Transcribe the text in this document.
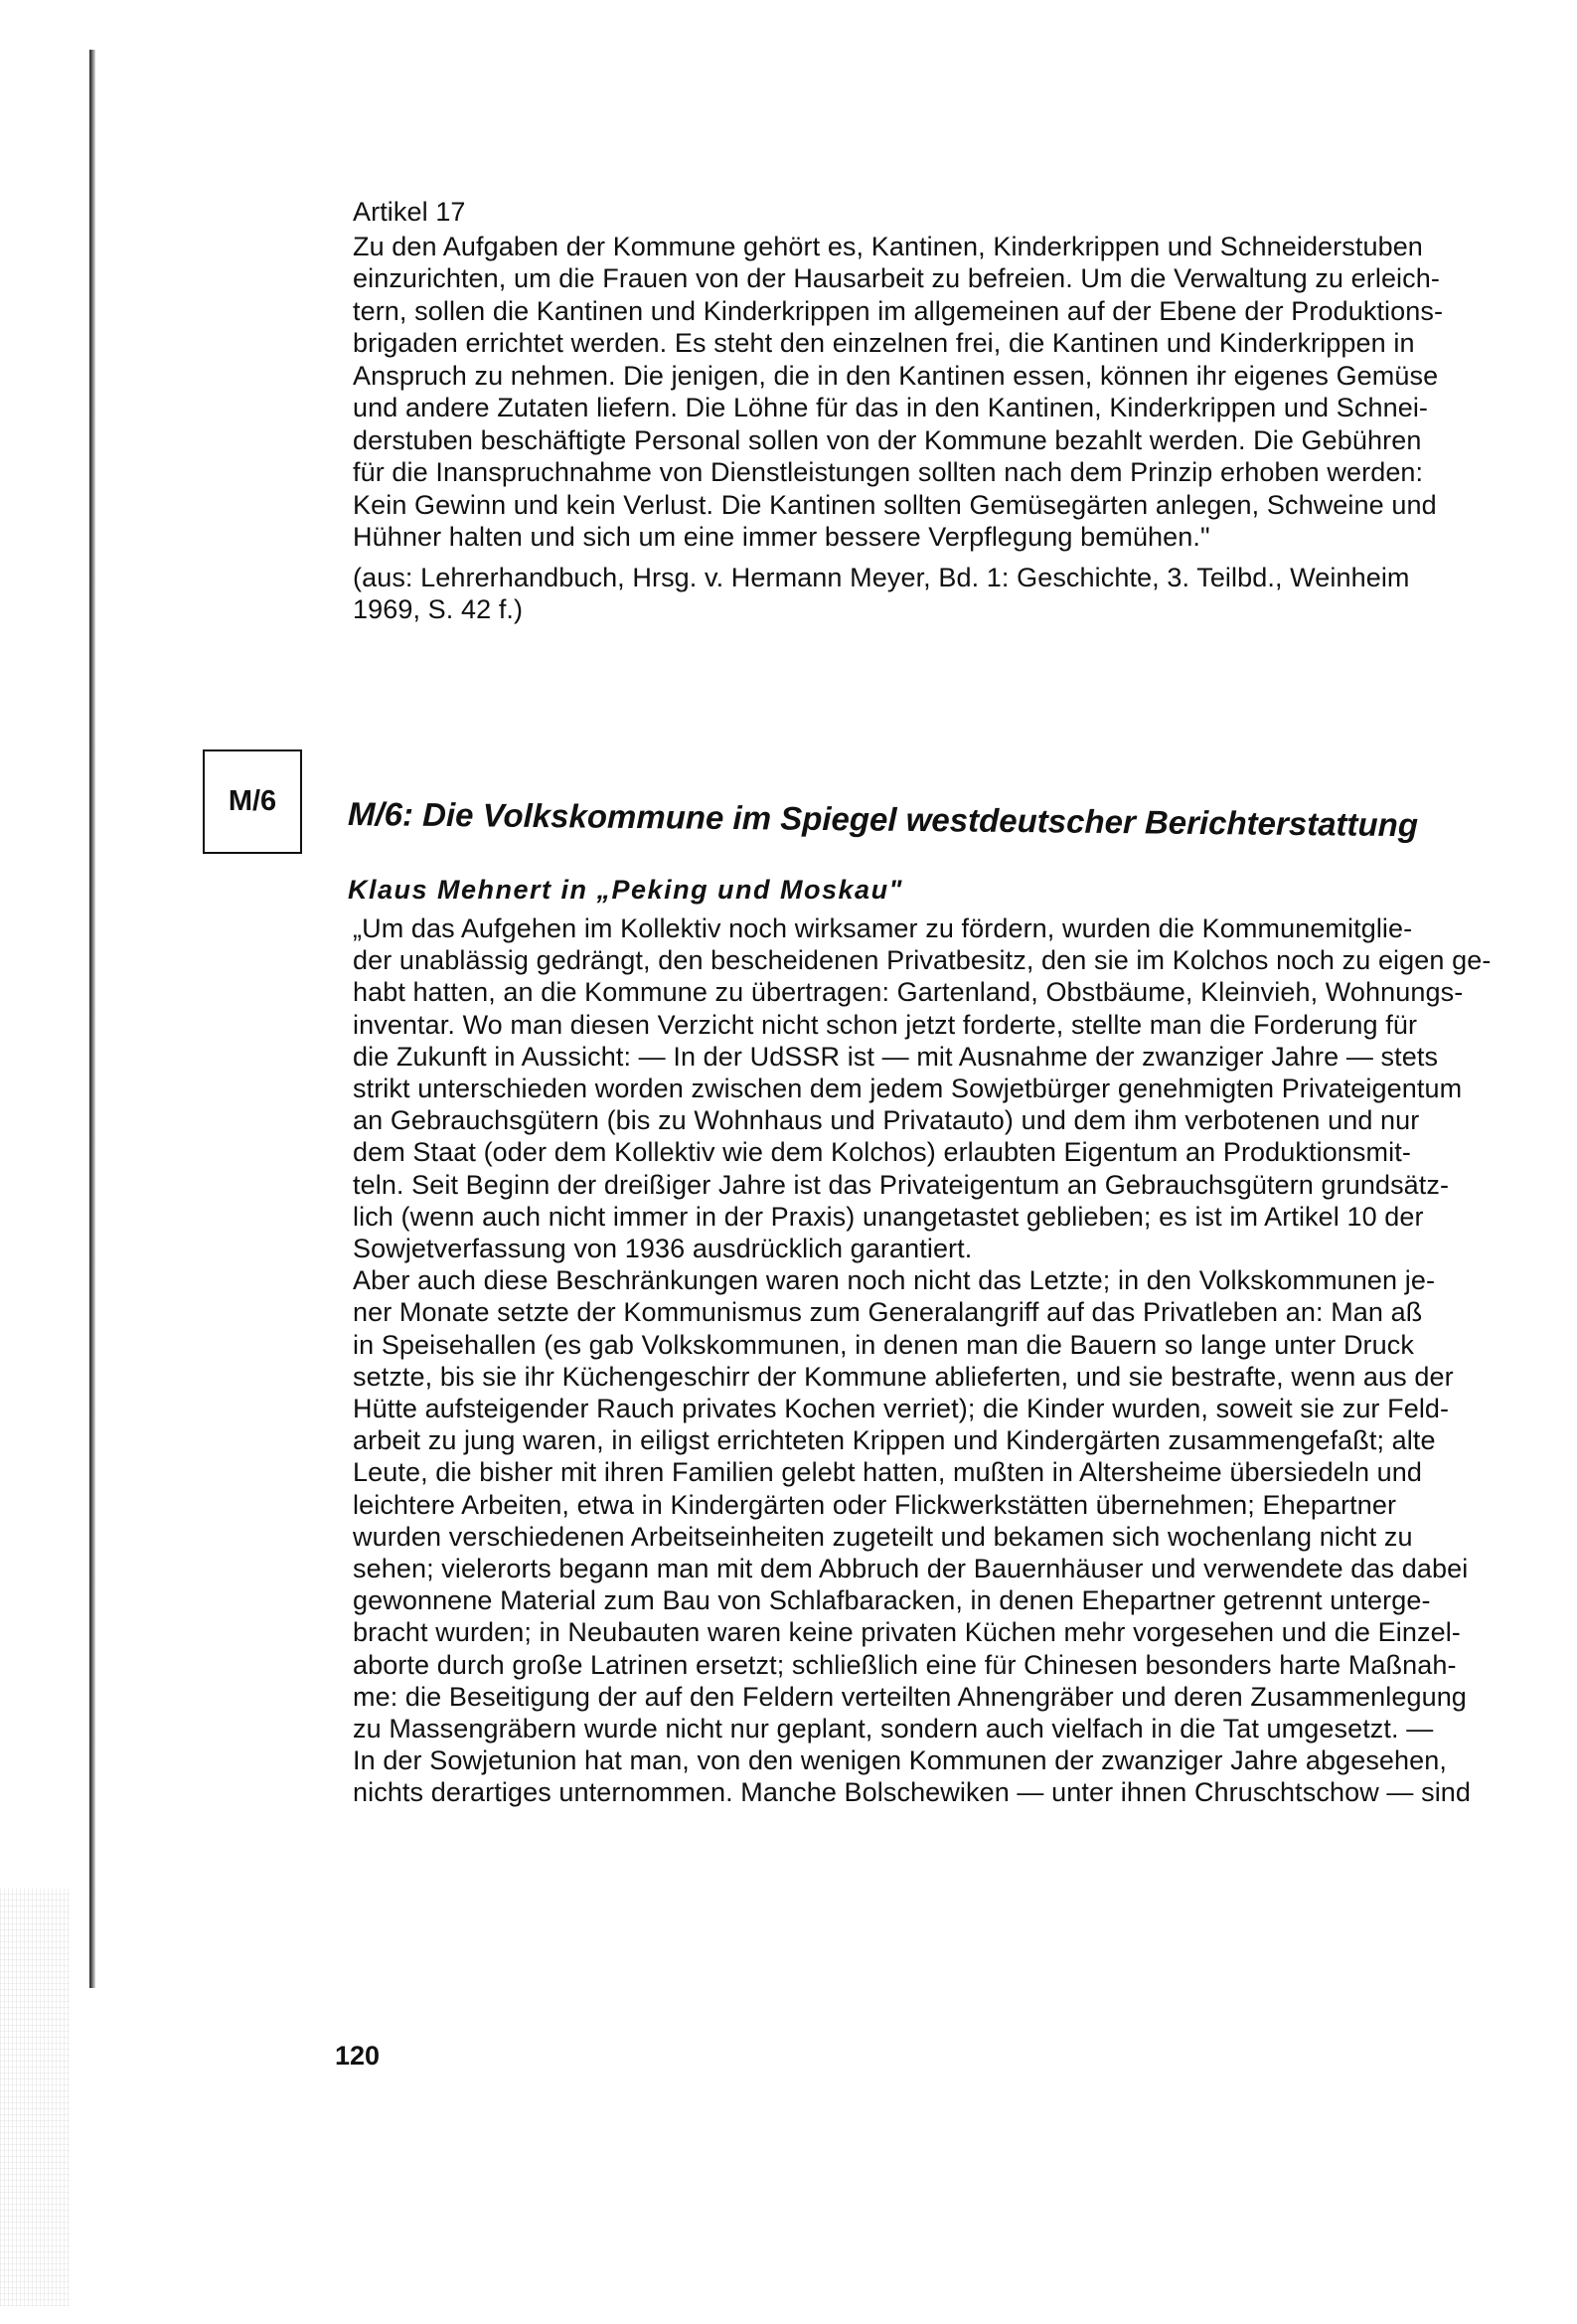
Artikel 17
Zu den Aufgaben der Kommune gehört es, Kantinen, Kinderkrippen und Schneiderstuben
einzurichten, um die Frauen von der Hausarbeit zu befreien. Um die Verwaltung zu erleich-
tern, sollen die Kantinen und Kinderkrippen im allgemeinen auf der Ebene der Produktions-
brigaden errichtet werden. Es steht den einzelnen frei, die Kantinen und Kinderkrippen in
Anspruch zu nehmen. Die jenigen, die in den Kantinen essen, können ihr eigenes Gemüse
und andere Zutaten liefern. Die Löhne für das in den Kantinen, Kinderkrippen und Schnei-
derstuben beschäftigte Personal sollen von der Kommune bezahlt werden. Die Gebühren
für die Inanspruchnahme von Dienstleistungen sollten nach dem Prinzip erhoben werden:
Kein Gewinn und kein Verlust. Die Kantinen sollten Gemüsegärten anlegen, Schweine und
Hühner halten und sich um eine immer bessere Verpflegung bemühen."
(aus: Lehrerhandbuch, Hrsg. v. Hermann Meyer, Bd. 1: Geschichte, 3. Teilbd., Weinheim
1969, S. 42 f.)
M/6 M/6: Die Volkskommune im Spiegel westdeutscher Berichterstattung
Klaus Mehnert in „Peking und Moskau"
„Um das Aufgehen im Kollektiv noch wirksamer zu fördern, wurden die Kommunemitglie-
der unablässig gedrängt, den bescheidenen Privatbesitz, den sie im Kolchos noch zu eigen ge-
habt hatten, an die Kommune zu übertragen: Gartenland, Obstbäume, Kleinvieh, Wohnungs-
inventar. Wo man diesen Verzicht nicht schon jetzt forderte, stellte man die Forderung für
die Zukunft in Aussicht: — In der UdSSR ist — mit Ausnahme der zwanziger Jahre — stets
strikt unterschieden worden zwischen dem jedem Sowjetbürger genehmigten Privateigentum
an Gebrauchsgütern (bis zu Wohnhaus und Privatauto) und dem ihm verbotenen und nur
dem Staat (oder dem Kollektiv wie dem Kolchos) erlaubten Eigentum an Produktionsmit-
teln. Seit Beginn der dreißiger Jahre ist das Privateigentum an Gebrauchsgütern grundsätz-
lich (wenn auch nicht immer in der Praxis) unangetastet geblieben; es ist im Artikel 10 der
Sowjetverfassung von 1936 ausdrücklich garantiert.
Aber auch diese Beschränkungen waren noch nicht das Letzte; in den Volkskommunen je-
ner Monate setzte der Kommunismus zum Generalangriff auf das Privatleben an: Man aß
in Speisehallen (es gab Volkskommunen, in denen man die Bauern so lange unter Druck
setzte, bis sie ihr Küchengeschirr der Kommune ablieferten, und sie bestrafte, wenn aus der
Hütte aufsteigender Rauch privates Kochen verriet); die Kinder wurden, soweit sie zur Feld-
arbeit zu jung waren, in eiligst errichteten Krippen und Kindergärten zusammengefaßt; alte
Leute, die bisher mit ihren Familien gelebt hatten, mußten in Altersheime übersiedeln und
leichtere Arbeiten, etwa in Kindergärten oder Flickwerkstätten übernehmen; Ehepartner
wurden verschiedenen Arbeitseinheiten zugeteilt und bekamen sich wochenlang nicht zu
sehen; vielerorts begann man mit dem Abbruch der Bauernhäuser und verwendete das dabei
gewonnene Material zum Bau von Schlafbaracken, in denen Ehepartner getrennt unterge-
bracht wurden; in Neubauten waren keine privaten Küchen mehr vorgesehen und die Einzel-
aborte durch große Latrinen ersetzt; schließlich eine für Chinesen besonders harte Maßnah-
me: die Beseitigung der auf den Feldern verteilten Ahnengräber und deren Zusammenlegung
zu Massengräbern wurde nicht nur geplant, sondern auch vielfach in die Tat umgesetzt. —
In der Sowjetunion hat man, von den wenigen Kommunen der zwanziger Jahre abgesehen,
nichts derartiges unternommen. Manche Bolschewiken — unter ihnen Chruschtschow — sind
120
